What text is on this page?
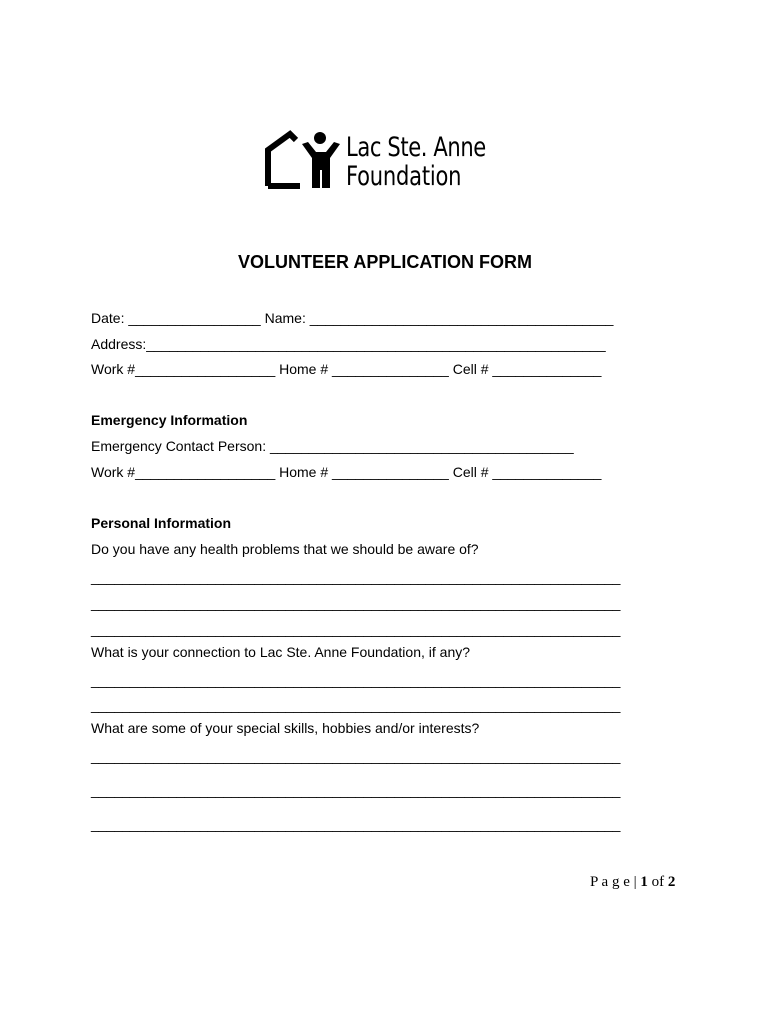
Lac Ste. Anne
Foundation
VOLUNTEER APPLICATION FORM
Date: _________________ Name: _______________________________________
Address:___________________________________________________________
Work #__________________ Home # _______________ Cell # ______________
Emergency Information
Emergency Contact Person: _______________________________________
Work #__________________ Home # _______________ Cell # ______________
Personal Information
Do you have any health problems that we should be aware of?
____________________________________________________________________
____________________________________________________________________
____________________________________________________________________
What is your connection to Lac Ste. Anne Foundation, if any?
____________________________________________________________________
____________________________________________________________________
What are some of your special skills, hobbies and/or interests?
____________________________________________________________________
____________________________________________________________________
____________________________________________________________________
P a g e | 1 of 2
